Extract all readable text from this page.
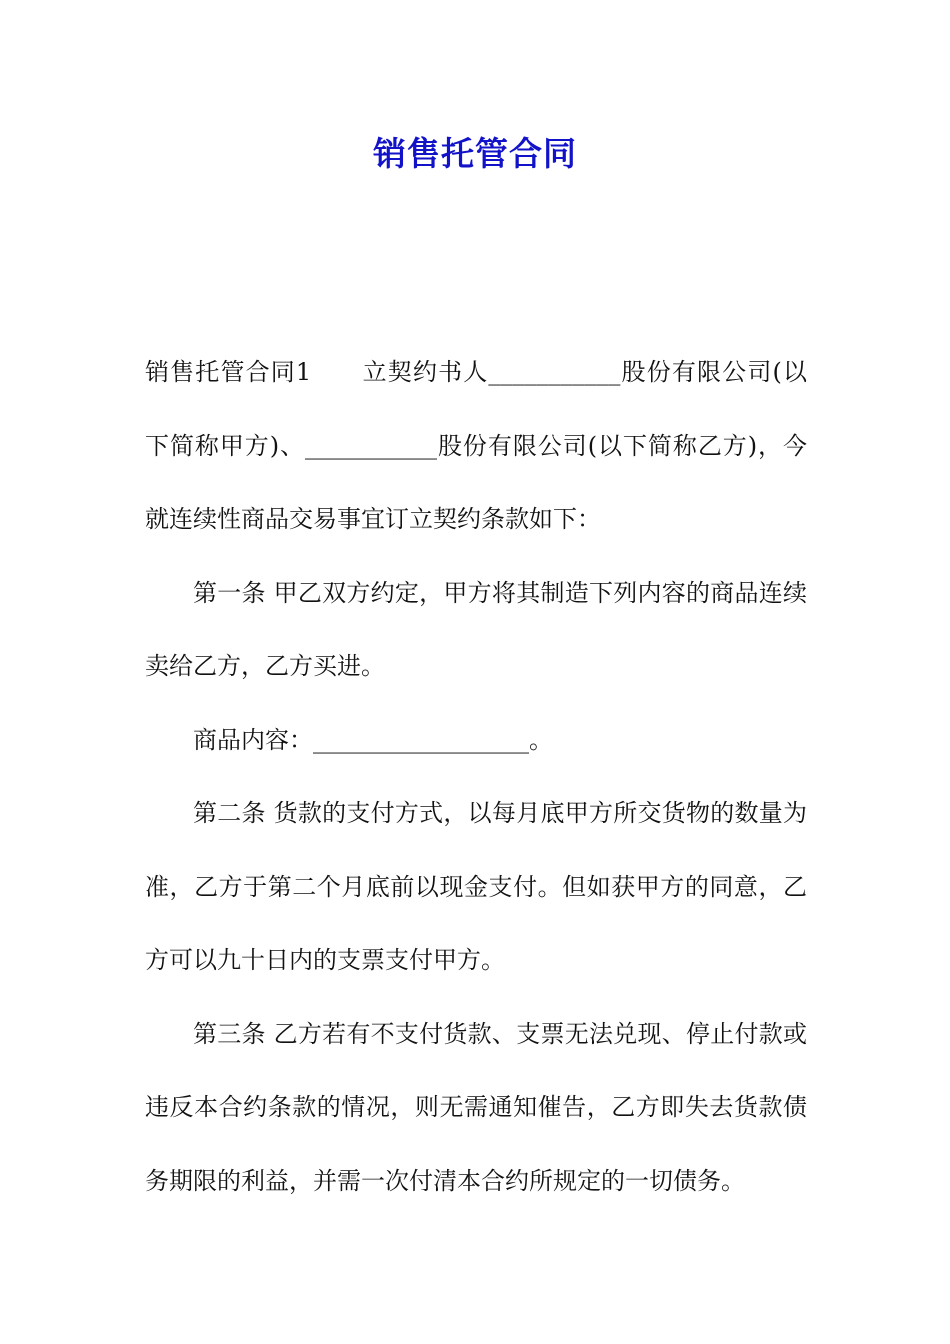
销售托管合同
销售托管合同1　　立契约书人___________股份有限公司(以
下简称甲方)、___________股份有限公司(以下简称乙方)，今
就连续性商品交易事宜订立契约条款如下：
第一条 甲乙双方约定，甲方将其制造下列内容的商品连续
卖给乙方，乙方买进。
商品内容：__________________。
第二条 货款的支付方式，以每月底甲方所交货物的数量为
准，乙方于第二个月底前以现金支付。但如获甲方的同意，乙
方可以九十日内的支票支付甲方。
第三条 乙方若有不支付货款、支票无法兑现、停止付款或
违反本合约条款的情况，则无需通知催告，乙方即失去货款债
务期限的利益，并需一次付清本合约所规定的一切债务。
